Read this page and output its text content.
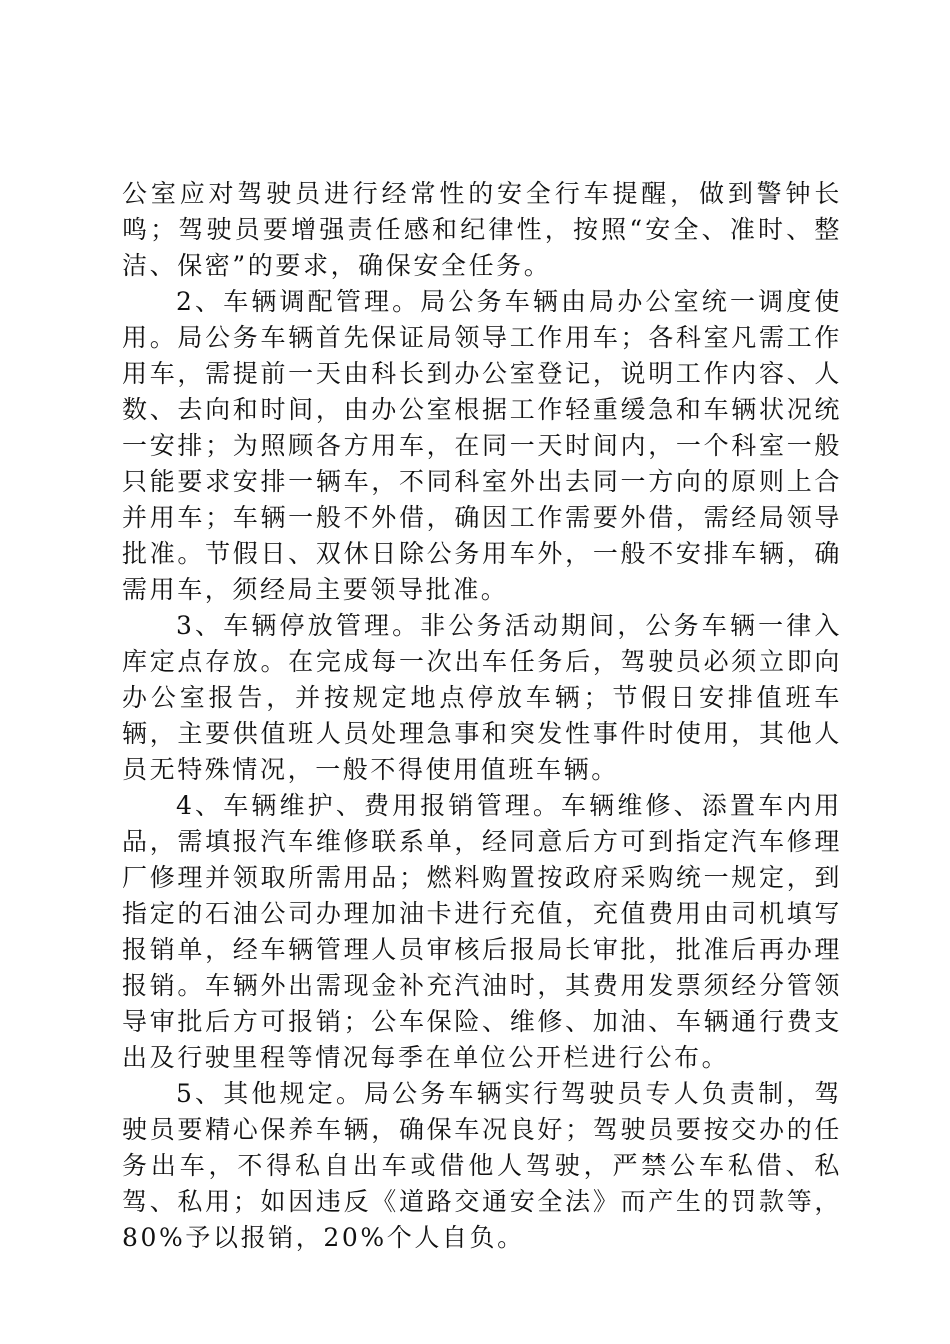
公室应对驾驶员进行经常性的安全行车提醒，做到警钟长鸣；驾驶员要增强责任感和纪律性，按照“安全、准时、整洁、保密”的要求，确保安全任务。

2、车辆调配管理。局公务车辆由局办公室统一调度使用。局公务车辆首先保证局领导工作用车；各科室凡需工作用车，需提前一天由科长到办公室登记，说明工作内容、人数、去向和时间，由办公室根据工作轻重缓急和车辆状况统一安排；为照顾各方用车，在同一天时间内，一个科室一般只能要求安排一辆车，不同科室外出去同一方向的原则上合并用车；车辆一般不外借，确因工作需要外借，需经局领导批准。节假日、双休日除公务用车外，一般不安排车辆，确需用车，须经局主要领导批准。

3、车辆停放管理。非公务活动期间，公务车辆一律入库定点存放。在完成每一次出车任务后，驾驶员必须立即向办公室报告，并按规定地点停放车辆；节假日安排值班车辆，主要供值班人员处理急事和突发性事件时使用，其他人员无特殊情况，一般不得使用值班车辆。

4、车辆维护、费用报销管理。车辆维修、添置车内用品，需填报汽车维修联系单，经同意后方可到指定汽车修理厂修理并领取所需用品；燃料购置按政府采购统一规定，到指定的石油公司办理加油卡进行充值，充值费用由司机填写报销单，经车辆管理人员审核后报局长审批，批准后再办理报销。车辆外出需现金补充汽油时，其费用发票须经分管领导审批后方可报销；公车保险、维修、加油、车辆通行费支出及行驶里程等情况每季在单位公开栏进行公布。

5、其他规定。局公务车辆实行驾驶员专人负责制，驾驶员要精心保养车辆，确保车况良好；驾驶员要按交办的任务出车，不得私自出车或借他人驾驶，严禁公车私借、私驾、私用；如因违反《道路交通安全法》而产生的罚款等，80%予以报销，20%个人自负。
